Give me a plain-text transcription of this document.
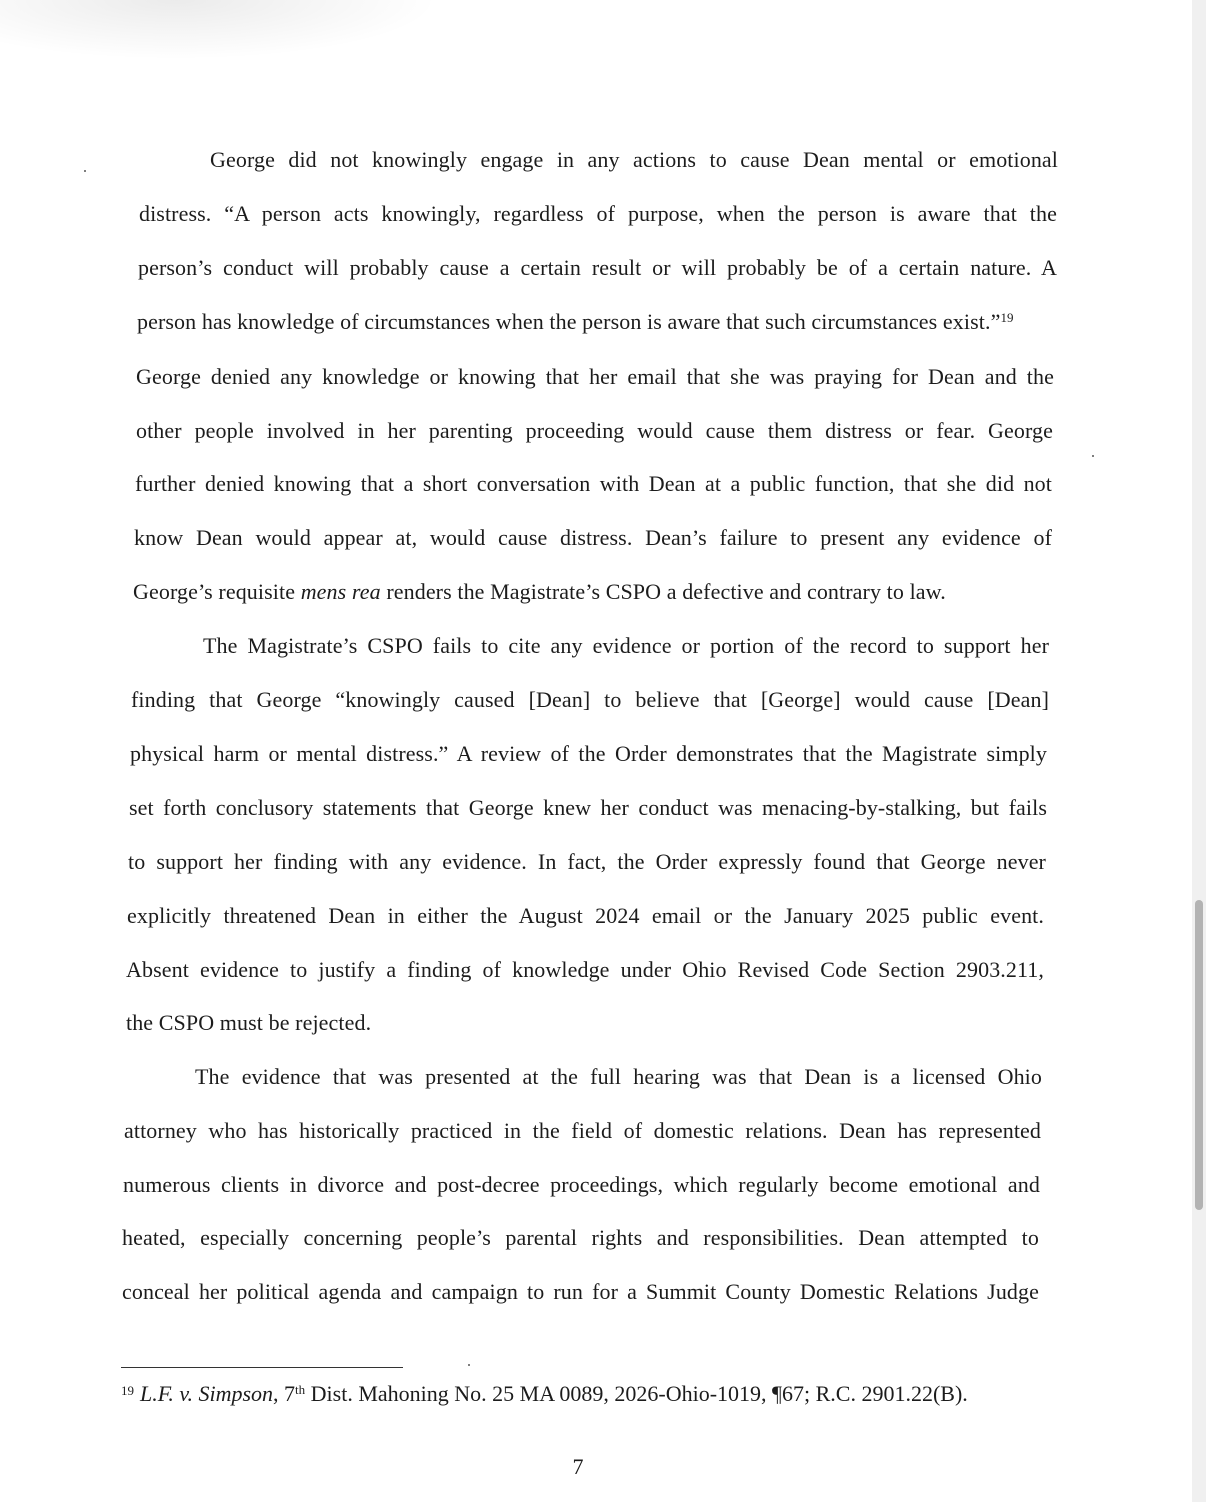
George did not knowingly engage in any actions to cause Dean mental or emotional
distress. “A person acts knowingly, regardless of purpose, when the person is aware that the
person’s conduct will probably cause a certain result or will probably be of a certain nature. A
person has knowledge of circumstances when the person is aware that such circumstances exist.”$^{19}$
George denied any knowledge or knowing that her email that she was praying for Dean and the
other people involved in her parenting proceeding would cause them distress or fear. George
further denied knowing that a short conversation with Dean at a public function, that she did not
know Dean would appear at, would cause distress. Dean’s failure to present any evidence of
George’s requisite mens rea renders the Magistrate’s CSPO a defective and contrary to law.
The Magistrate’s CSPO fails to cite any evidence or portion of the record to support her
finding that George “knowingly caused [Dean] to believe that [George] would cause [Dean]
physical harm or mental distress.” A review of the Order demonstrates that the Magistrate simply
set forth conclusory statements that George knew her conduct was menacing-by-stalking, but fails
to support her finding with any evidence. In fact, the Order expressly found that George never
explicitly threatened Dean in either the August 2024 email or the January 2025 public event.
Absent evidence to justify a finding of knowledge under Ohio Revised Code Section 2903.211,
the CSPO must be rejected.
The evidence that was presented at the full hearing was that Dean is a licensed Ohio
attorney who has historically practiced in the field of domestic relations. Dean has represented
numerous clients in divorce and post-decree proceedings, which regularly become emotional and
heated, especially concerning people’s parental rights and responsibilities. Dean attempted to
conceal her political agenda and campaign to run for a Summit County Domestic Relations Judge
$^{19}$ L.F. v. Simpson, 7th Dist. Mahoning No. 25 MA 0089, 2026-Ohio-1019, ¶67; R.C. 2901.22(B).
7
